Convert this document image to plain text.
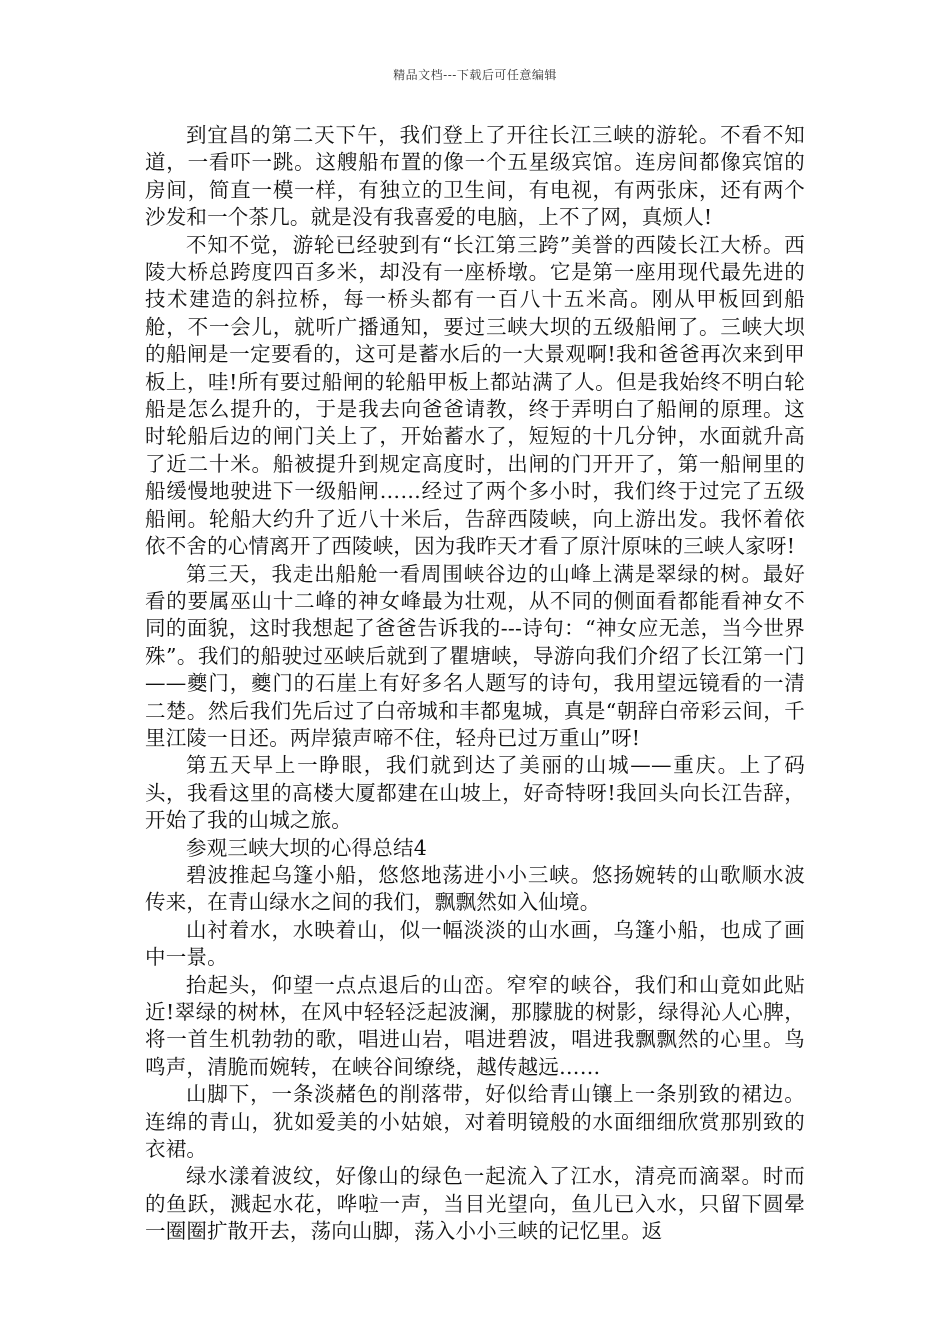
精品文档---下载后可任意编辑

到宜昌的第二天下午，我们登上了开往长江三峡的游轮。不看不知道，一看吓一跳。这艘船布置的像一个五星级宾馆。连房间都像宾馆的房间，简直一模一样，有独立的卫生间，有电视，有两张床，还有两个沙发和一个茶几。就是没有我喜爱的电脑，上不了网，真烦人!

不知不觉，游轮已经驶到有“长江第三跨”美誉的西陵长江大桥。西陵大桥总跨度四百多米，却没有一座桥墩。它是第一座用现代最先进的技术建造的斜拉桥，每一桥头都有一百八十五米高。刚从甲板回到船舱，不一会儿，就听广播通知，要过三峡大坝的五级船闸了。三峡大坝的船闸是一定要看的，这可是蓄水后的一大景观啊!我和爸爸再次来到甲板上，哇!所有要过船闸的轮船甲板上都站满了人。但是我始终不明白轮船是怎么提升的，于是我去向爸爸请教，终于弄明白了船闸的原理。这时轮船后边的闸门关上了，开始蓄水了，短短的十几分钟，水面就升高了近二十米。船被提升到规定高度时，出闸的门开开了，第一船闸里的船缓慢地驶进下一级船闸……经过了两个多小时，我们终于过完了五级船闸。轮船大约升了近八十米后，告辞西陵峡，向上游出发。我怀着依依不舍的心情离开了西陵峡，因为我昨天才看了原汁原味的三峡人家呀!

第三天，我走出船舱一看周围峡谷边的山峰上满是翠绿的树。最好看的要属巫山十二峰的神女峰最为壮观，从不同的侧面看都能看神女不同的面貌，这时我想起了爸爸告诉我的---诗句：“神女应无恙，当今世界殊”。我们的船驶过巫峡后就到了瞿塘峡，导游向我们介绍了长江第一门——夔门，夔门的石崖上有好多名人题写的诗句，我用望远镜看的一清二楚。然后我们先后过了白帝城和丰都鬼城，真是“朝辞白帝彩云间，千里江陵一日还。两岸猿声啼不住，轻舟已过万重山”呀!

第五天早上一睁眼，我们就到达了美丽的山城——重庆。上了码头，我看这里的高楼大厦都建在山坡上，好奇特呀!我回头向长江告辞，开始了我的山城之旅。

参观三峡大坝的心得总结4

碧波推起乌篷小船，悠悠地荡进小小三峡。悠扬婉转的山歌顺水波传来，在青山绿水之间的我们，飘飘然如入仙境。

山衬着水，水映着山，似一幅淡淡的山水画，乌篷小船，也成了画中一景。

抬起头，仰望一点点退后的山峦。窄窄的峡谷，我们和山竟如此贴近!翠绿的树林，在风中轻轻泛起波澜，那朦胧的树影，绿得沁人心脾，将一首生机勃勃的歌，唱进山岩，唱进碧波，唱进我飘飘然的心里。鸟鸣声，清脆而婉转，在峡谷间缭绕，越传越远……

山脚下，一条淡赭色的削落带，好似给青山镶上一条别致的裙边。连绵的青山，犹如爱美的小姑娘，对着明镜般的水面细细欣赏那别致的衣裙。

绿水漾着波纹，好像山的绿色一起流入了江水，清亮而滴翠。时而的鱼跃，溅起水花，哗啦一声，当目光望向，鱼儿已入水，只留下圆晕一圈圈扩散开去，荡向山脚，荡入小小三峡的记忆里。返
